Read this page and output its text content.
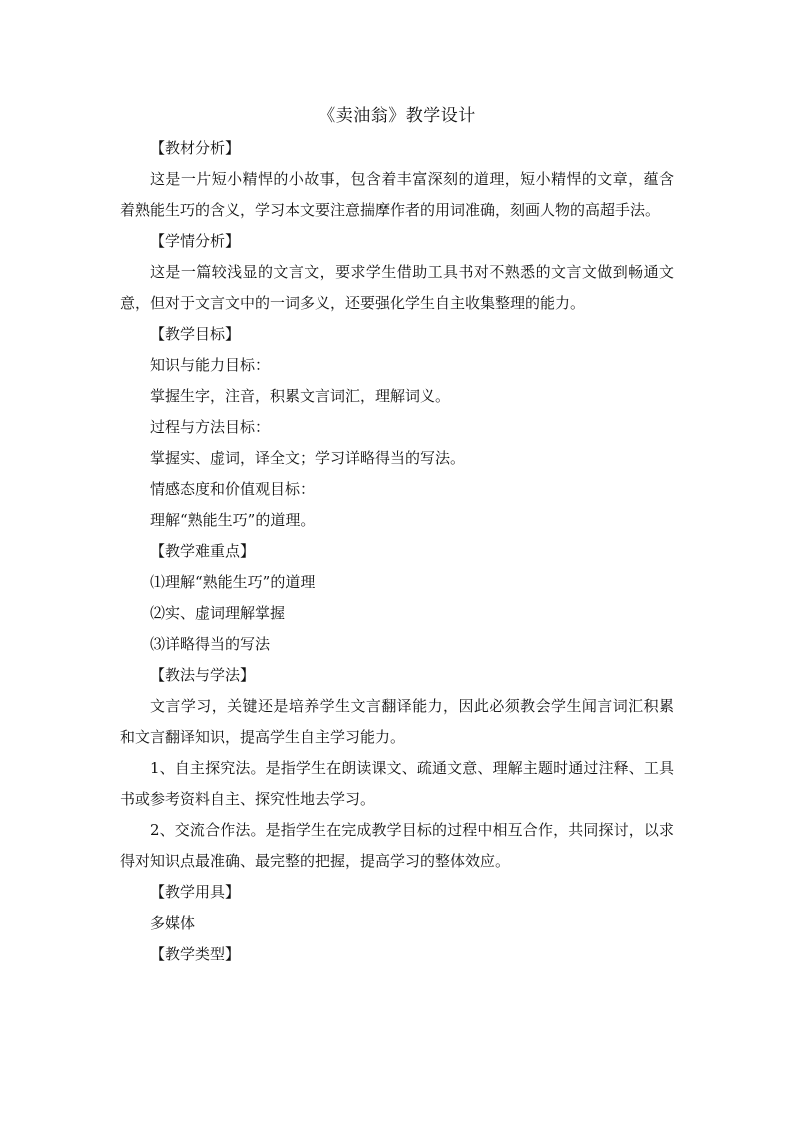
《卖油翁》教学设计

【教材分析】

这是一片短小精悍的小故事，包含着丰富深刻的道理，短小精悍的文章，蕴含着熟能生巧的含义，学习本文要注意揣摩作者的用词准确，刻画人物的高超手法。

【学情分析】

这是一篇较浅显的文言文，要求学生借助工具书对不熟悉的文言文做到畅通文意，但对于文言文中的一词多义，还要强化学生自主收集整理的能力。

【教学目标】

知识与能力目标：

掌握生字，注音，积累文言词汇，理解词义。

过程与方法目标：

掌握实、虚词，译全文；学习详略得当的写法。

情感态度和价值观目标：

理解“熟能生巧”的道理。

【教学难重点】

⑴理解“熟能生巧”的道理

⑵实、虚词理解掌握

⑶详略得当的写法

【教法与学法】

文言学习，关键还是培养学生文言翻译能力，因此必须教会学生闻言词汇积累和文言翻译知识，提高学生自主学习能力。

1、自主探究法。是指学生在朗读课文、疏通文意、理解主题时通过注释、工具书或参考资料自主、探究性地去学习。

2、交流合作法。是指学生在完成教学目标的过程中相互合作，共同探讨，以求得对知识点最准确、最完整的把握，提高学习的整体效应。

【教学用具】

多媒体

【教学类型】
